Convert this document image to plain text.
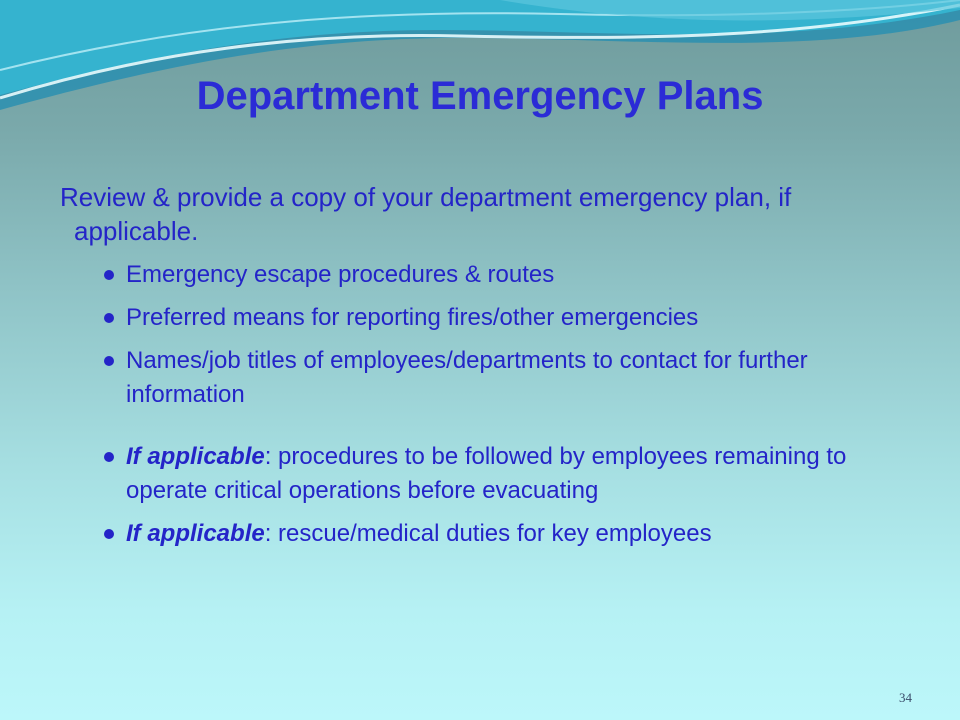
Department Emergency Plans

Review & provide a copy of your department emergency plan, if applicable.

Emergency escape procedures & routes
Preferred means for reporting fires/other emergencies
Names/job titles of employees/departments to contact for further information
If applicable: procedures to be followed by employees remaining to operate critical operations before evacuating
If applicable: rescue/medical duties for key employees
34
